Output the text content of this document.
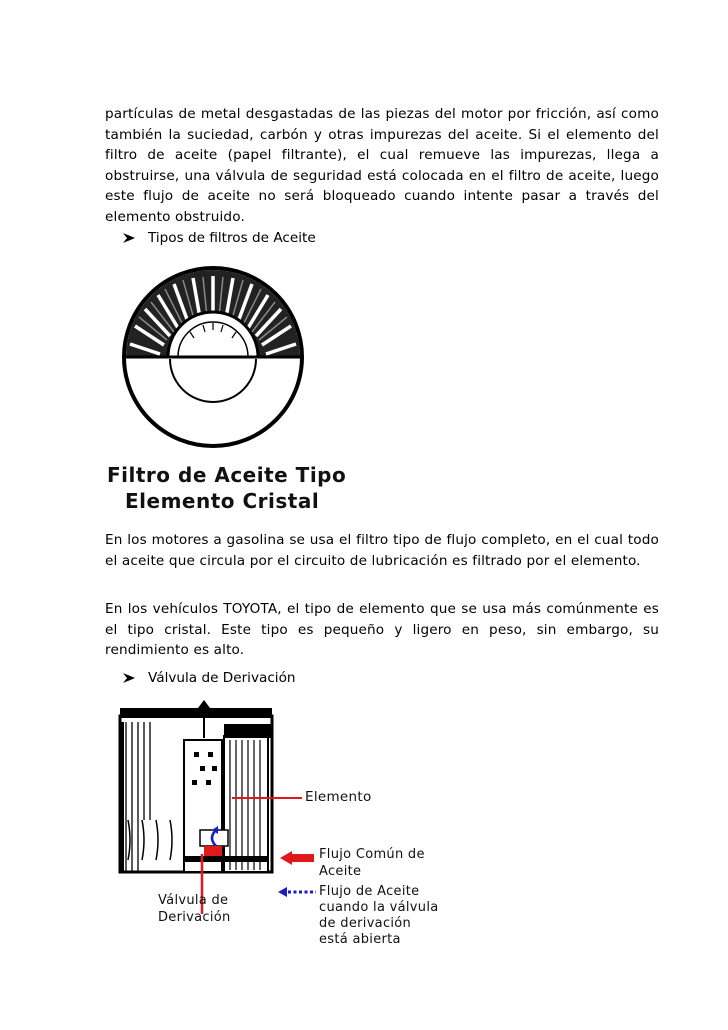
partículas de metal desgastadas de las piezas del motor por fricción, así como también la suciedad, carbón y otras impurezas del aceite. Si el elemento del filtro de aceite (papel filtrante), el cual remueve las impurezas, llega a obstruirse, una válvula de seguridad está colocada en el filtro de aceite, luego este flujo de aceite no será bloqueado cuando intente pasar a través del elemento obstruido.
Tipos de filtros de Aceite
Filtro de Aceite Tipo
Elemento Cristal
En los motores a gasolina se usa el filtro tipo de flujo completo, en el cual todo el aceite que circula por el circuito de lubricación es filtrado por el elemento.
En los vehículos TOYOTA, el tipo de elemento que se usa más comúnmente es el tipo cristal. Este tipo es pequeño y ligero en peso, sin embargo, su rendimiento es alto.
Válvula de Derivación
Elemento
Flujo Común de
Aceite
Flujo de Aceite
cuando la válvula
de derivación
está abierta
Válvula de
Derivación
